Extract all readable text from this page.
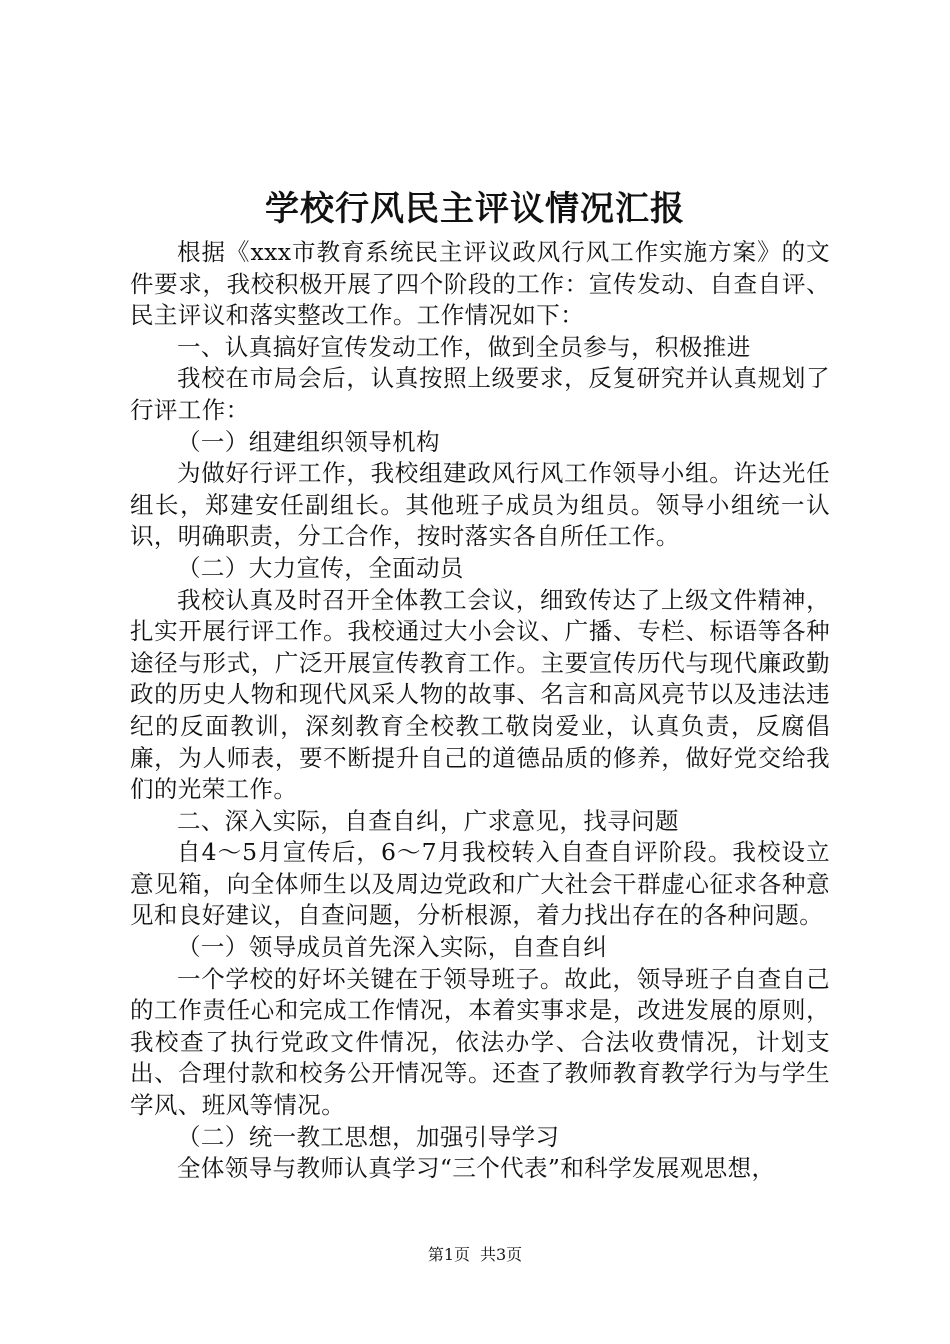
学校行风民主评议情况汇报

根据《xxx市教育系统民主评议政风行风工作实施方案》的文件要求，我校积极开展了四个阶段的工作：宣传发动、自查自评、民主评议和落实整改工作。工作情况如下：

一、认真搞好宣传发动工作，做到全员参与，积极推进

我校在市局会后，认真按照上级要求，反复研究并认真规划了行评工作：

（一）组建组织领导机构

为做好行评工作，我校组建政风行风工作领导小组。许达光任组长，郑建安任副组长。其他班子成员为组员。领导小组统一认识，明确职责，分工合作，按时落实各自所任工作。

（二）大力宣传，全面动员

我校认真及时召开全体教工会议，细致传达了上级文件精神，扎实开展行评工作。我校通过大小会议、广播、专栏、标语等各种途径与形式，广泛开展宣传教育工作。主要宣传历代与现代廉政勤政的历史人物和现代风采人物的故事、名言和高风亮节以及违法违纪的反面教训，深刻教育全校教工敬岗爱业，认真负责，反腐倡廉，为人师表，要不断提升自己的道德品质的修养，做好党交给我们的光荣工作。

二、深入实际，自查自纠，广求意见，找寻问题

自4～5月宣传后，6～7月我校转入自查自评阶段。我校设立意见箱，向全体师生以及周边党政和广大社会干群虚心征求各种意见和良好建议，自查问题，分析根源，着力找出存在的各种问题。

（一）领导成员首先深入实际，自查自纠

一个学校的好坏关键在于领导班子。故此，领导班子自查自己的工作责任心和完成工作情况，本着实事求是，改进发展的原则，我校查了执行党政文件情况，依法办学、合法收费情况，计划支出、合理付款和校务公开情况等。还查了教师教育教学行为与学生学风、班风等情况。

（二）统一教工思想，加强引导学习

全体领导与教师认真学习“三个代表”和科学发展观思想，

第1页 共3页
